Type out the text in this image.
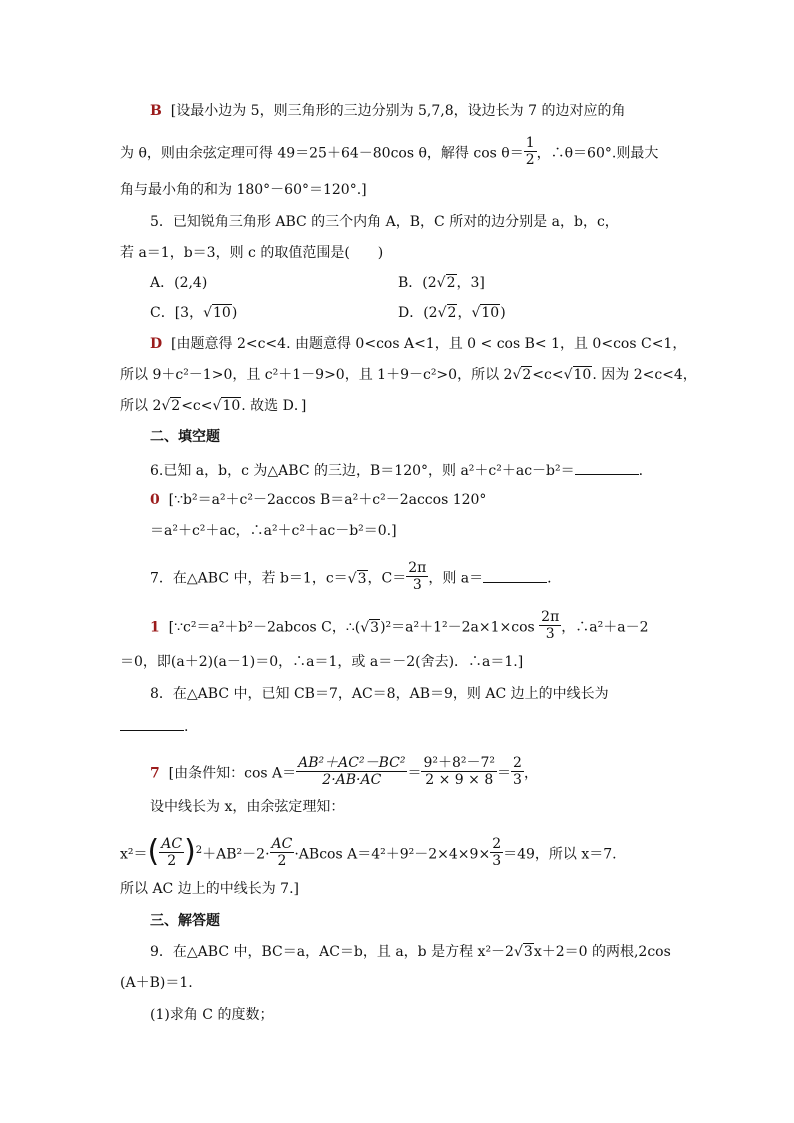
B [设最小边为 5，则三角形的三边分别为 5,7,8，设边长为 7 的边对应的角
为 θ，则由余弦定理可得 49＝25＋64－80cos θ，解得 $\cos \theta= \frac{1}{2}$ ，∴θ＝60°.则最大
角与最小角的和为 180°－60°＝120°.]
5．已知锐角三角形 ABC 的三个内角 A，B，C 所对的边分别是 a，b，c，
若 a＝1，b＝3，则 c 的取值范围是(　　)
A．(2,4)	B．(2√2，3]
C．[3，√10)	D．(2√2，√10)
D [由题意得 2<c<4. 由题意得 0<cos A<1，且 0 < cos B< 1，且 0<cos C<1，
所以 9＋c²－1>0，且 c²＋1－9>0，且 1＋9－c²>0，所以 2√2<c<√10. 因为 2<c<4，
所以 2√2<c<√10. 故选 D．]
二、填空题
6.已知 a，b，c 为△ABC 的三边，B＝120°，则 a²＋c²＋ac－b²＝	.
0 [∵b²＝a²＋c²－2accos B＝a²＋c²－2accos 120°
＝a²＋c²＋ac，∴a²＋c²＋ac－b²＝0.]
7．在△ABC 中，若 b＝1，c＝√3，$C= \frac{2\pi}{3}$ ，则 a＝	.
1 [∵c²＝a²＋b²－2abcos C，∴(√3)²＝a²＋1²－2a×1×cos $\frac{2\pi}{3}$ ，∴a²＋a－2
＝0，即(a＋2)(a－1)＝0，∴a＝1，或 a＝－2(舍去)．∴a＝1.]
8．在△ABC 中，已知 CB＝7，AC＝8，AB＝9，则 AC 边上的中线长为
.
7 [由条件知：$\cos A= \frac{\text{AB²＋AC²－BC²}}{2\cdot AB\cdot AC} = \frac{\text{9²＋8²－7²}}{2 \times 9 \times 8} = \frac{2}{3}$ ，
设中线长为 x，由余弦定理知：
$x^2=( \frac{AC}{2} )^2+AB^2-2\cdot \frac{AC}{2} \cdot ABcos$ $A=4^2+9^2-2\times 4\times 9\times \frac{2}{3} =49$，所以 x＝7.
所以 AC 边上的中线长为 7.]
三、解答题
9．在△ABC 中，BC＝a，AC＝b，且 a，b 是方程 x²－2√3x＋2＝0 的两根,2cos
(A＋B)＝1.
(1)求角 C 的度数；
